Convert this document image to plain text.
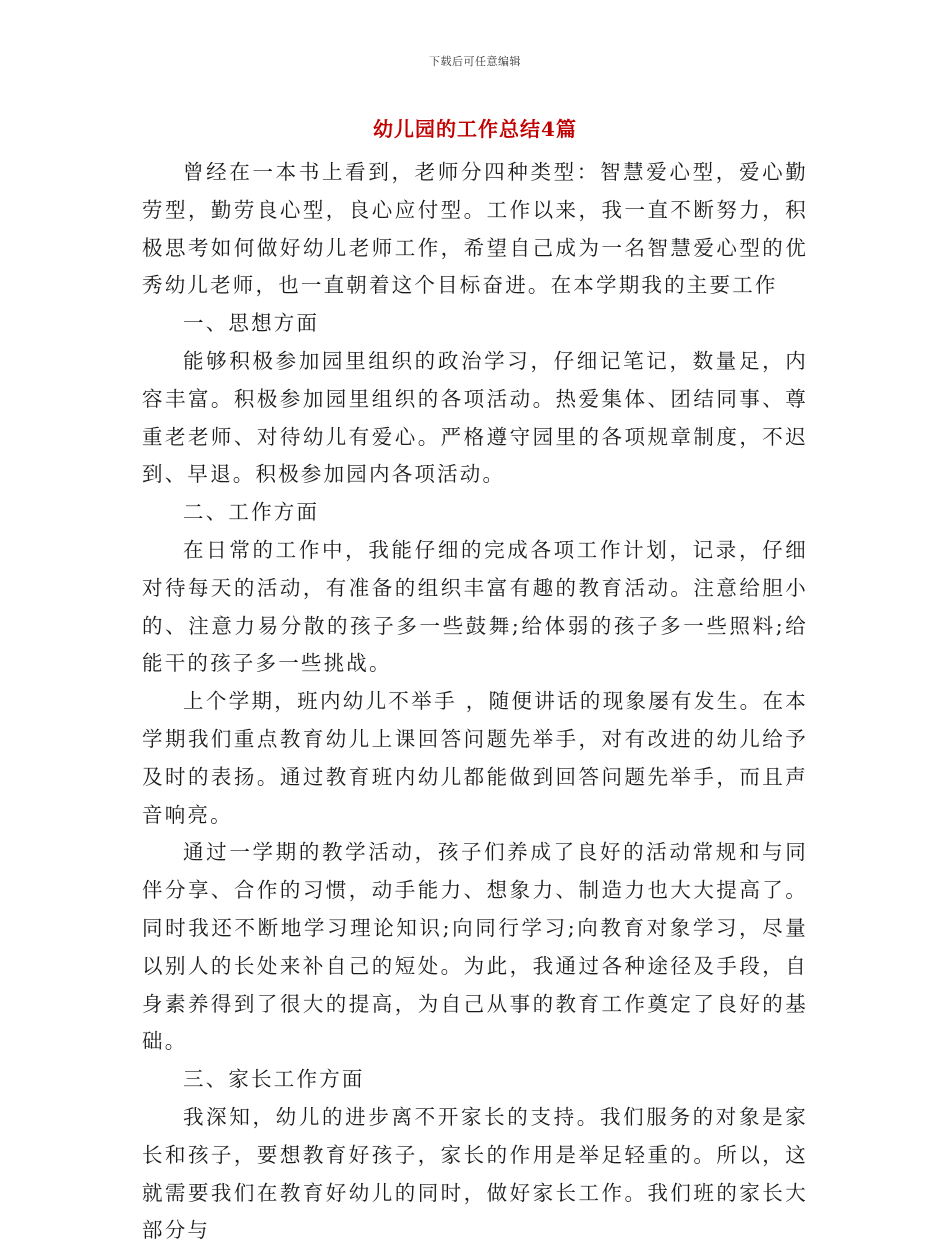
下载后可任意编辑
幼儿园的工作总结4篇

曾经在一本书上看到，老师分四种类型：智慧爱心型，爱心勤劳型，勤劳良心型，良心应付型。工作以来，我一直不断努力，积极思考如何做好幼儿老师工作，希望自己成为一名智慧爱心型的优秀幼儿老师，也一直朝着这个目标奋进。在本学期我的主要工作

一、思想方面

能够积极参加园里组织的政治学习，仔细记笔记，数量足，内容丰富。积极参加园里组织的各项活动。热爱集体、团结同事、尊重老老师、对待幼儿有爱心。严格遵守园里的各项规章制度，不迟到、早退。积极参加园内各项活动。

二、工作方面

在日常的工作中，我能仔细的完成各项工作计划，记录，仔细对待每天的活动，有准备的组织丰富有趣的教育活动。注意给胆小的、注意力易分散的孩子多一些鼓舞;给体弱的孩子多一些照料;给能干的孩子多一些挑战。

上个学期，班内幼儿不举手 ，随便讲话的现象屡有发生。在本学期我们重点教育幼儿上课回答问题先举手，对有改进的幼儿给予及时的表扬。通过教育班内幼儿都能做到回答问题先举手，而且声音响亮。

通过一学期的教学活动，孩子们养成了良好的活动常规和与同伴分享、合作的习惯，动手能力、想象力、制造力也大大提高了。同时我还不断地学习理论知识;向同行学习;向教育对象学习，尽量以别人的长处来补自己的短处。为此，我通过各种途径及手段，自身素养得到了很大的提高，为自己从事的教育工作奠定了良好的基础。

三、家长工作方面

我深知，幼儿的进步离不开家长的支持。我们服务的对象是家长和孩子，要想教育好孩子，家长的作用是举足轻重的。所以，这就需要我们在教育好幼儿的同时，做好家长工作。我们班的家长大部分与
